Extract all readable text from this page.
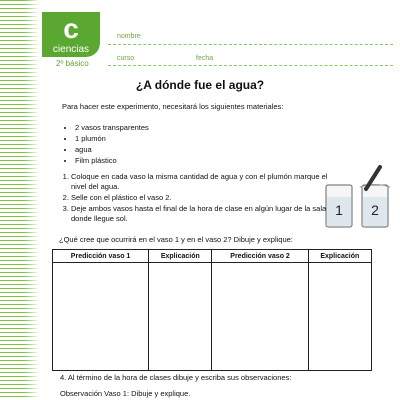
c
ciencias
2º básico
nombre
curso	fecha
¿A dónde fue el agua?
Para hacer este experimento, necesitará los siguientes materiales:
• 2 vasos transparentes
• 1 plumón
• agua
• Film plástico
1. Coloque en cada vaso la misma cantidad de agua y con el plumón marque el nivel del agua.
2. Selle con el plástico el vaso 2.
3. Deje ambos vasos hasta el final de la hora de clase en algún lugar de la sala donde llegue sol.
1 2
¿Qué cree que ocurrirá en el vaso 1 y en el vaso 2? Dibuje y explique:
Predicción vaso 1	Explicación	Predicción vaso 2	Explicación

4. Al término de la hora de clases dibuje y escriba sus observaciones:
Observación Vaso 1: Dibuje y explique.
